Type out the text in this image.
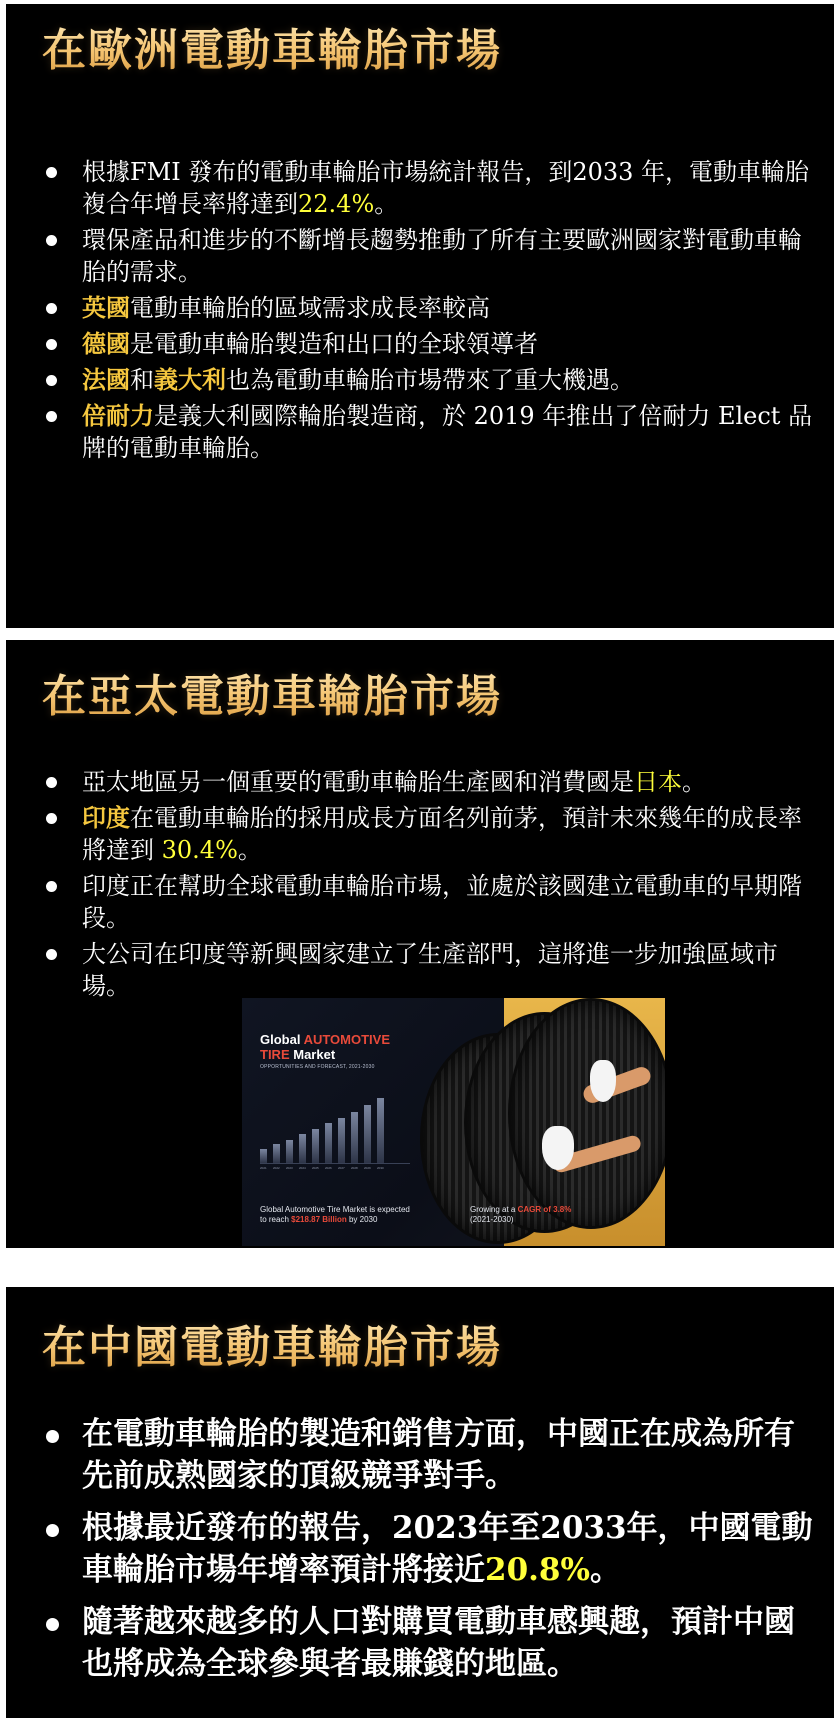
在歐洲電動車輪胎市場
根據FMI 發布的電動車輪胎市場統計報告，到2033 年，電動車輪胎複合年增長率將達到22.4%。
環保產品和進步的不斷增長趨勢推動了所有主要歐洲國家對電動車輪胎的需求。
英國電動車輪胎的區域需求成長率較高
德國是電動車輪胎製造和出口的全球領導者
法國和義大利也為電動車輪胎市場帶來了重大機遇。
倍耐力是義大利國際輪胎製造商，於 2019 年推出了倍耐力 Elect 品牌的電動車輪胎。
在亞太電動車輪胎市場
亞太地區另一個重要的電動車輪胎生產國和消費國是日本。
印度在電動車輪胎的採用成長方面名列前茅，預計未來幾年的成長率將達到 30.4%。
印度正在幫助全球電動車輪胎市場，並處於該國建立電動車的早期階段。
大公司在印度等新興國家建立了生產部門，這將進一步加強區域市場。
Global AUTOMOTIVE
TIRE Market
OPPORTUNITIES AND FORECAST, 2021-2030
2021	2022	2023	2024	2025	2026	2027	2028	2029	2030
Global Automotive Tire Market is expected
to reach $218.87 Billion by 2030
Growing at a CAGR of 3.8%
(2021-2030)
在中國電動車輪胎市場
在電動車輪胎的製造和銷售方面，中國正在成為所有先前成熟國家的頂級競爭對手。
根據最近發布的報告，2023年至2033年，中國電動車輪胎市場年增率預計將接近20.8%。
隨著越來越多的人口對購買電動車感興趣，預計中國也將成為全球參與者最賺錢的地區。
